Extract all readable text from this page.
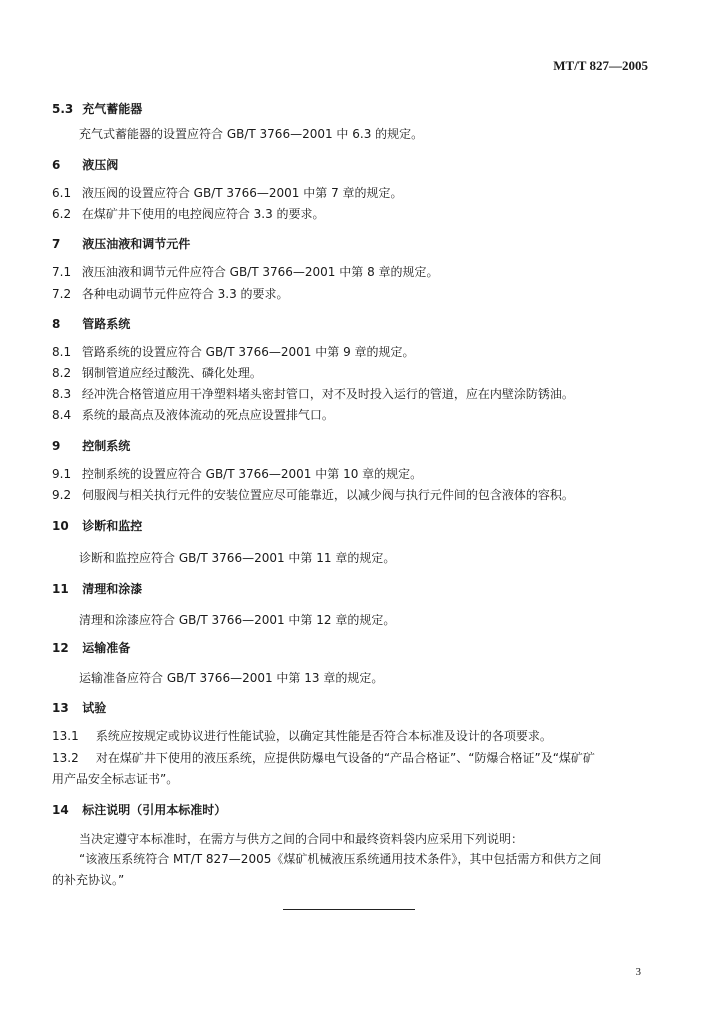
MT/T 827—2005
5.3 充气蓄能器
充气式蓄能器的设置应符合 GB/T 3766—2001 中 6.3 的规定。
6 液压阀
6.1 液压阀的设置应符合 GB/T 3766—2001 中第 7 章的规定。
6.2 在煤矿井下使用的电控阀应符合 3.3 的要求。
7 液压油液和调节元件
7.1 液压油液和调节元件应符合 GB/T 3766—2001 中第 8 章的规定。
7.2 各种电动调节元件应符合 3.3 的要求。
8 管路系统
8.1 管路系统的设置应符合 GB/T 3766—2001 中第 9 章的规定。
8.2 钢制管道应经过酸洗、磷化处理。
8.3 经冲洗合格管道应用干净塑料堵头密封管口，对不及时投入运行的管道，应在内壁涂防锈油。
8.4 系统的最高点及液体流动的死点应设置排气口。
9 控制系统
9.1 控制系统的设置应符合 GB/T 3766—2001 中第 10 章的规定。
9.2 伺服阀与相关执行元件的安装位置应尽可能靠近，以减少阀与执行元件间的包含液体的容积。
10 诊断和监控
诊断和监控应符合 GB/T 3766—2001 中第 11 章的规定。
11 清理和涂漆
清理和涂漆应符合 GB/T 3766—2001 中第 12 章的规定。
12 运输准备
运输准备应符合 GB/T 3766—2001 中第 13 章的规定。
13 试验
13.1 系统应按规定或协议进行性能试验，以确定其性能是否符合本标准及设计的各项要求。
13.2 对在煤矿井下使用的液压系统，应提供防爆电气设备的“产品合格证”、“防爆合格证”及“煤矿矿
用产品安全标志证书”。
14 标注说明（引用本标准时）
当决定遵守本标准时，在需方与供方之间的合同中和最终资料袋内应采用下列说明：
“该液压系统符合 MT/T 827—2005《煤矿机械液压系统通用技术条件》，其中包括需方和供方之间
的补充协议。”
3
